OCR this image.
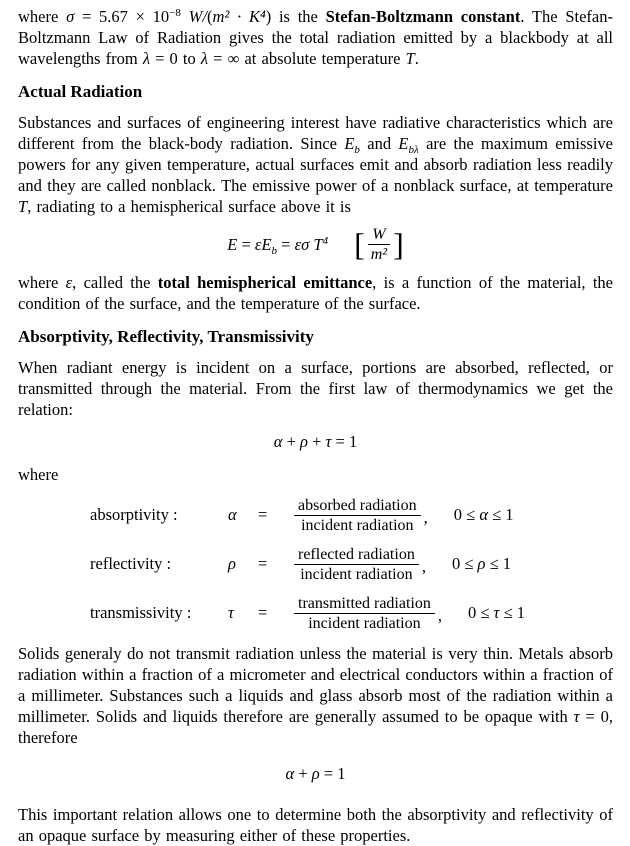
where $\sigma = 5.67 \times 10^{-8}$ W/(m² · K⁴) is the Stefan-Boltzmann constant. The Stefan-Boltzmann Law of Radiation gives the total radiation emitted by a blackbody at all wavelengths from λ = 0 to λ = ∞ at absolute temperature T.

Actual Radiation

Substances and surfaces of engineering interest have radiative characteristics which are different from the black-body radiation. Since $E_b$ and $E_{b\lambda}$ are the maximum emissive powers for any given temperature, actual surfaces emit and absorb radiation less readily and they are called nonblack. The emissive power of a nonblack surface, at temperature T, radiating to a hemispherical surface above it is

$E = \varepsilon E_b = \varepsilon\sigma$ $T^4$ [ $\frac{W}{\text{m²}}$ ]

where ε, called the total hemispherical emittance, is a function of the material, the condition of the surface, and the temperature of the surface.

Absorptivity, Reflectivity, Transmissivity

When radiant energy is incident on a surface, portions are absorbed, reflected, or transmitted through the material. From the first law of thermodynamics we get the relation:

α + ρ + τ = 1

where

absorptivity :	α	=	$\frac{\text{absorbed radiation}}{\text{incident radiation}}$ , 0 ≤ α ≤ 1
reflectivity :	ρ	=	$\frac{\text{reflected radiation}}{\text{incident radiation}}$ , 0 ≤ ρ ≤ 1
transmissivity :	τ	=	$\frac{\text{transmitted radiation}}{\text{incident radiation}}$ , 0 ≤ τ ≤ 1

Solids generaly do not transmit radiation unless the material is very thin. Metals absorb radiation within a fraction of a micrometer and electrical conductors within a fraction of a millimeter. Substances such a liquids and glass absorb most of the radiation within a millimeter. Solids and liquids therefore are generally assumed to be opaque with τ = 0, therefore

α + ρ = 1

This important relation allows one to determine both the absorptivity and reflectivity of an opaque surface by measuring either of these properties.
